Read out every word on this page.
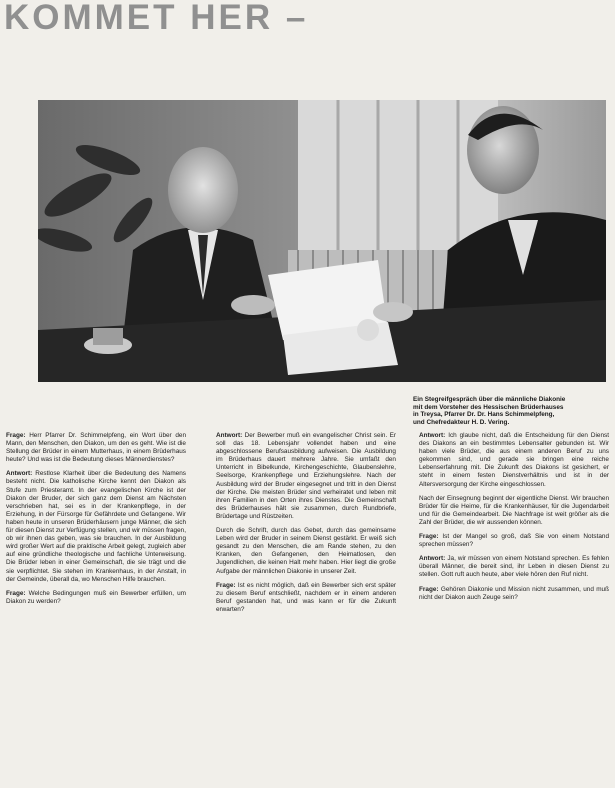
KOMMET HER –
Ein Stegreifgespräch über die männliche Diakonie
mit dem Vorsteher des Hessischen Brüderhauses
in Treysa, Pfarrer Dr. Dr. Hans Schimmelpfeng,
und Chefredakteur H. D. Vering.

Frage: Herr Pfarrer Dr. Schimmelpfeng, ein Wort über den Mann, den Menschen, den Diakon, um den es geht. Wie ist die Stellung der Brüder in einem Mutterhaus, in einem Brüderhaus heute? Und was ist die Bedeutung dieses Männerdienstes?

Antwort: Restlose Klarheit über die Bedeutung des Namens besteht nicht. Die katholische Kirche kennt den Diakon als Stufe zum Priesteramt. In der evangelischen Kirche ist der Diakon der Bruder, der sich ganz dem Dienst am Nächsten verschrieben hat, sei es in der Krankenpflege, in der Erziehung, in der Fürsorge für Gefährdete und Gefangene. Wir haben heute in unseren Brüderhäusern junge Männer, die sich für diesen Dienst zur Verfügung stellen, und wir müssen fragen, ob wir ihnen das geben, was sie brauchen. In der Ausbildung wird großer Wert auf die praktische Arbeit gelegt, zugleich aber auf eine gründliche theologische und fachliche Unterweisung. Die Brüder leben in einer Gemeinschaft, die sie trägt und die sie verpflichtet. Sie stehen im Krankenhaus, in der Anstalt, in der Gemeinde, überall da, wo Menschen Hilfe brauchen.

Frage: Welche Bedingungen muß ein Bewerber erfüllen, um Diakon zu werden?

Antwort: Der Bewerber muß ein evangelischer Christ sein. Er soll das 18. Lebensjahr vollendet haben und eine abgeschlossene Berufsausbildung aufweisen. Die Ausbildung im Brüderhaus dauert mehrere Jahre. Sie umfaßt den Unterricht in Bibelkunde, Kirchengeschichte, Glaubenslehre, Seelsorge, Krankenpflege und Erziehungslehre. Nach der Ausbildung wird der Bruder eingesegnet und tritt in den Dienst der Kirche. Die meisten Brüder sind verheiratet und leben mit ihren Familien in den Orten ihres Dienstes. Die Gemeinschaft des Brüderhauses hält sie zusammen, durch Rundbriefe, Brüdertage und Rüstzeiten.

Durch die Schrift, durch das Gebet, durch das gemeinsame Leben wird der Bruder in seinem Dienst gestärkt. Er weiß sich gesandt zu den Menschen, die am Rande stehen, zu den Kranken, den Gefangenen, den Heimatlosen, den Jugendlichen, die keinen Halt mehr haben. Hier liegt die große Aufgabe der männlichen Diakonie in unserer Zeit.

Frage: Ist es nicht möglich, daß ein Bewerber sich erst später zu diesem Beruf entschließt, nachdem er in einem anderen Beruf gestanden hat, und was kann er für die Zukunft erwarten?

Antwort: Ich glaube nicht, daß die Entscheidung für den Dienst des Diakons an ein bestimmtes Lebensalter gebunden ist. Wir haben viele Brüder, die aus einem anderen Beruf zu uns gekommen sind, und gerade sie bringen eine reiche Lebenserfahrung mit. Die Zukunft des Diakons ist gesichert, er steht in einem festen Dienstverhältnis und ist in der Altersversorgung der Kirche eingeschlossen.

Nach der Einsegnung beginnt der eigentliche Dienst. Wir brauchen Brüder für die Heime, für die Krankenhäuser, für die Jugendarbeit und für die Gemeindearbeit. Die Nachfrage ist weit größer als die Zahl der Brüder, die wir aussenden können.

Frage: Ist der Mangel so groß, daß Sie von einem Notstand sprechen müssen?

Antwort: Ja, wir müssen von einem Notstand sprechen. Es fehlen überall Männer, die bereit sind, ihr Leben in diesen Dienst zu stellen. Gott ruft auch heute, aber viele hören den Ruf nicht.

Frage: Gehören Diakonie und Mission nicht zusammen, und muß nicht der Diakon auch Zeuge sein?
